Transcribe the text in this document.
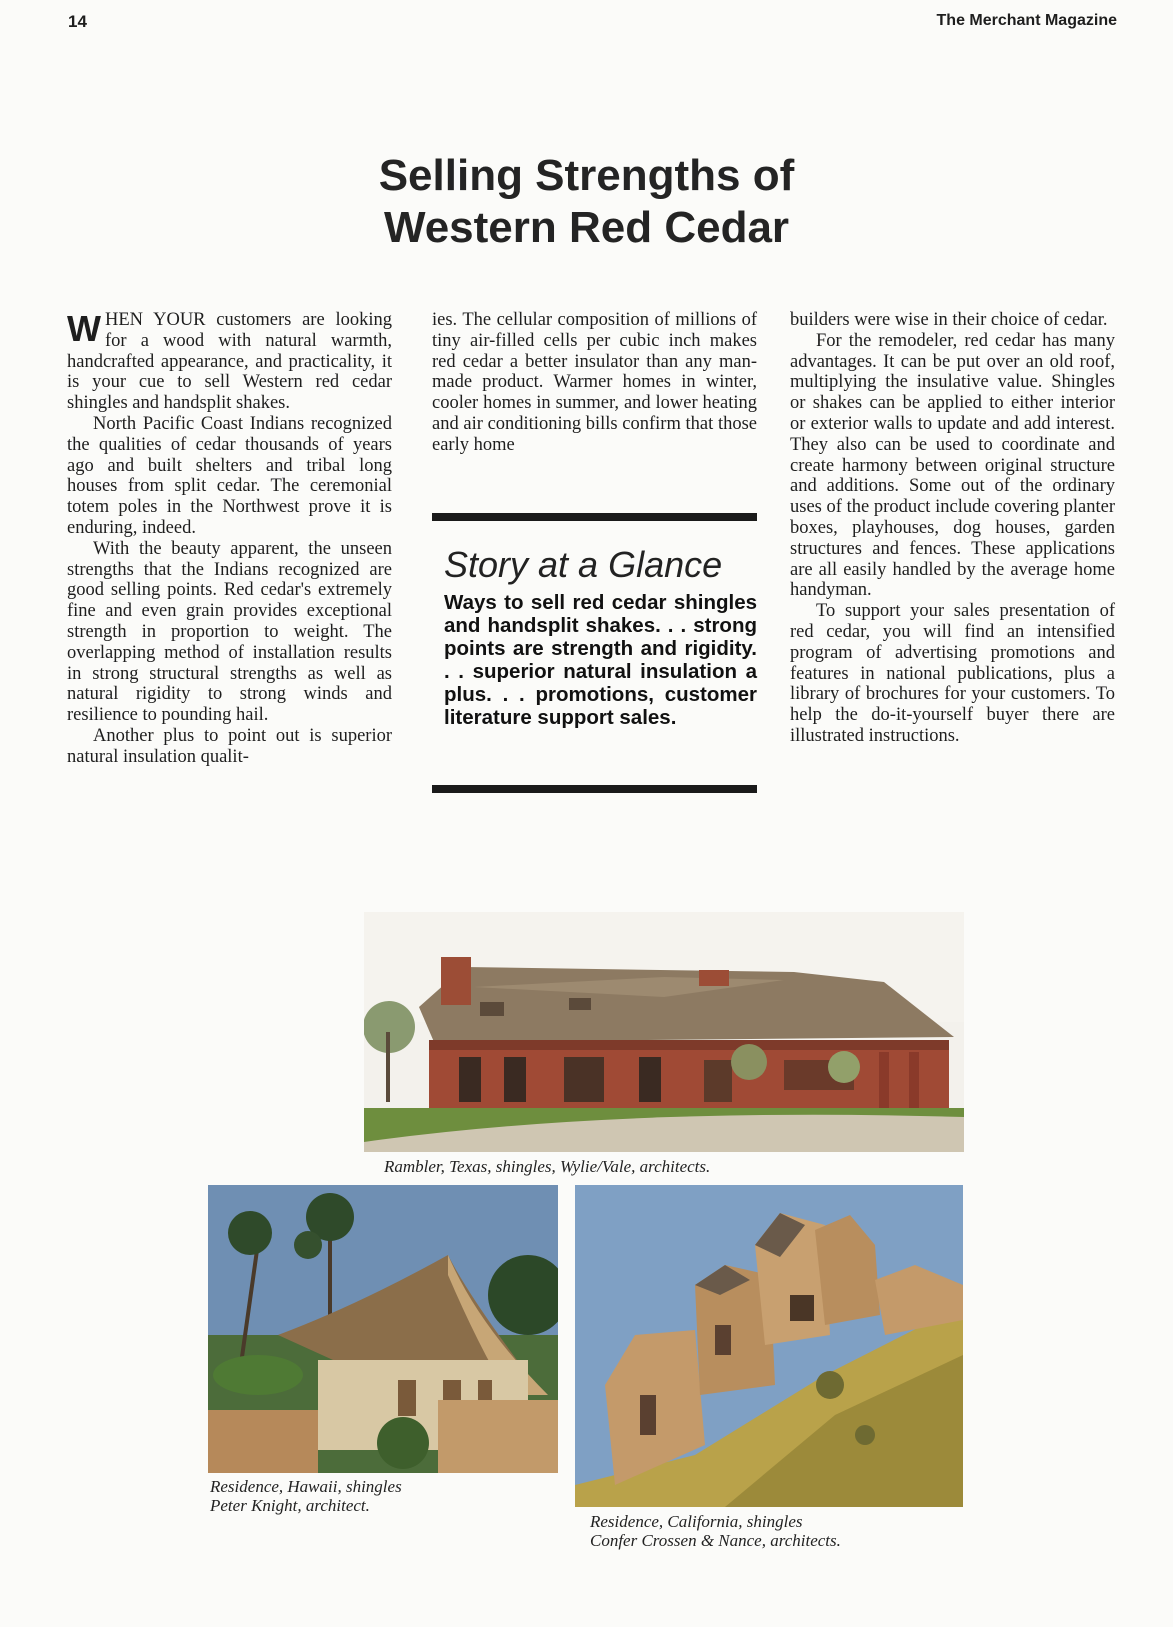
14	The Merchant Magazine
Selling Strengths of
Western Red Cedar

WHEN YOUR customers are looking for a wood with natural warmth, handcrafted appearance, and practicality, it is your cue to sell Western red cedar shingles and handsplit shakes.

North Pacific Coast Indians recognized the qualities of cedar thousands of years ago and built shelters and tribal long houses from split cedar. The ceremonial totem poles in the Northwest prove it is enduring, indeed.

With the beauty apparent, the unseen strengths that the Indians recognized are good selling points. Red cedar's extremely fine and even grain provides exceptional strength in proportion to weight. The overlapping method of installation results in strong structural strengths as well as natural rigidity to strong winds and resilience to pounding hail.

Another plus to point out is superior natural insulation qualit-

ies. The cellular composition of millions of tiny air-filled cells per cubic inch makes red cedar a better insulator than any man-made product. Warmer homes in winter, cooler homes in summer, and lower heating and air conditioning bills confirm that those early home

Story at a Glance

Ways to sell red cedar shingles and handsplit shakes. . . strong points are strength and rigidity. . . superior natural insulation a plus. . . promotions, customer literature support sales.

builders were wise in their choice of cedar.

For the remodeler, red cedar has many advantages. It can be put over an old roof, multiplying the insulative value. Shingles or shakes can be applied to either interior or exterior walls to update and add interest. They also can be used to coordinate and create harmony between original structure and additions. Some out of the ordinary uses of the product include covering planter boxes, playhouses, dog houses, garden structures and fences. These applications are all easily handled by the average home handyman.

To support your sales presentation of red cedar, you will find an intensified program of advertising promotions and features in national publications, plus a library of brochures for your customers. To help the do-it-yourself buyer there are illustrated instructions.

Rambler, Texas, shingles, Wylie/Vale, architects.
Residence, Hawaii, shingles
Peter Knight, architect.
Residence, California, shingles
Confer Crossen & Nance, architects.
